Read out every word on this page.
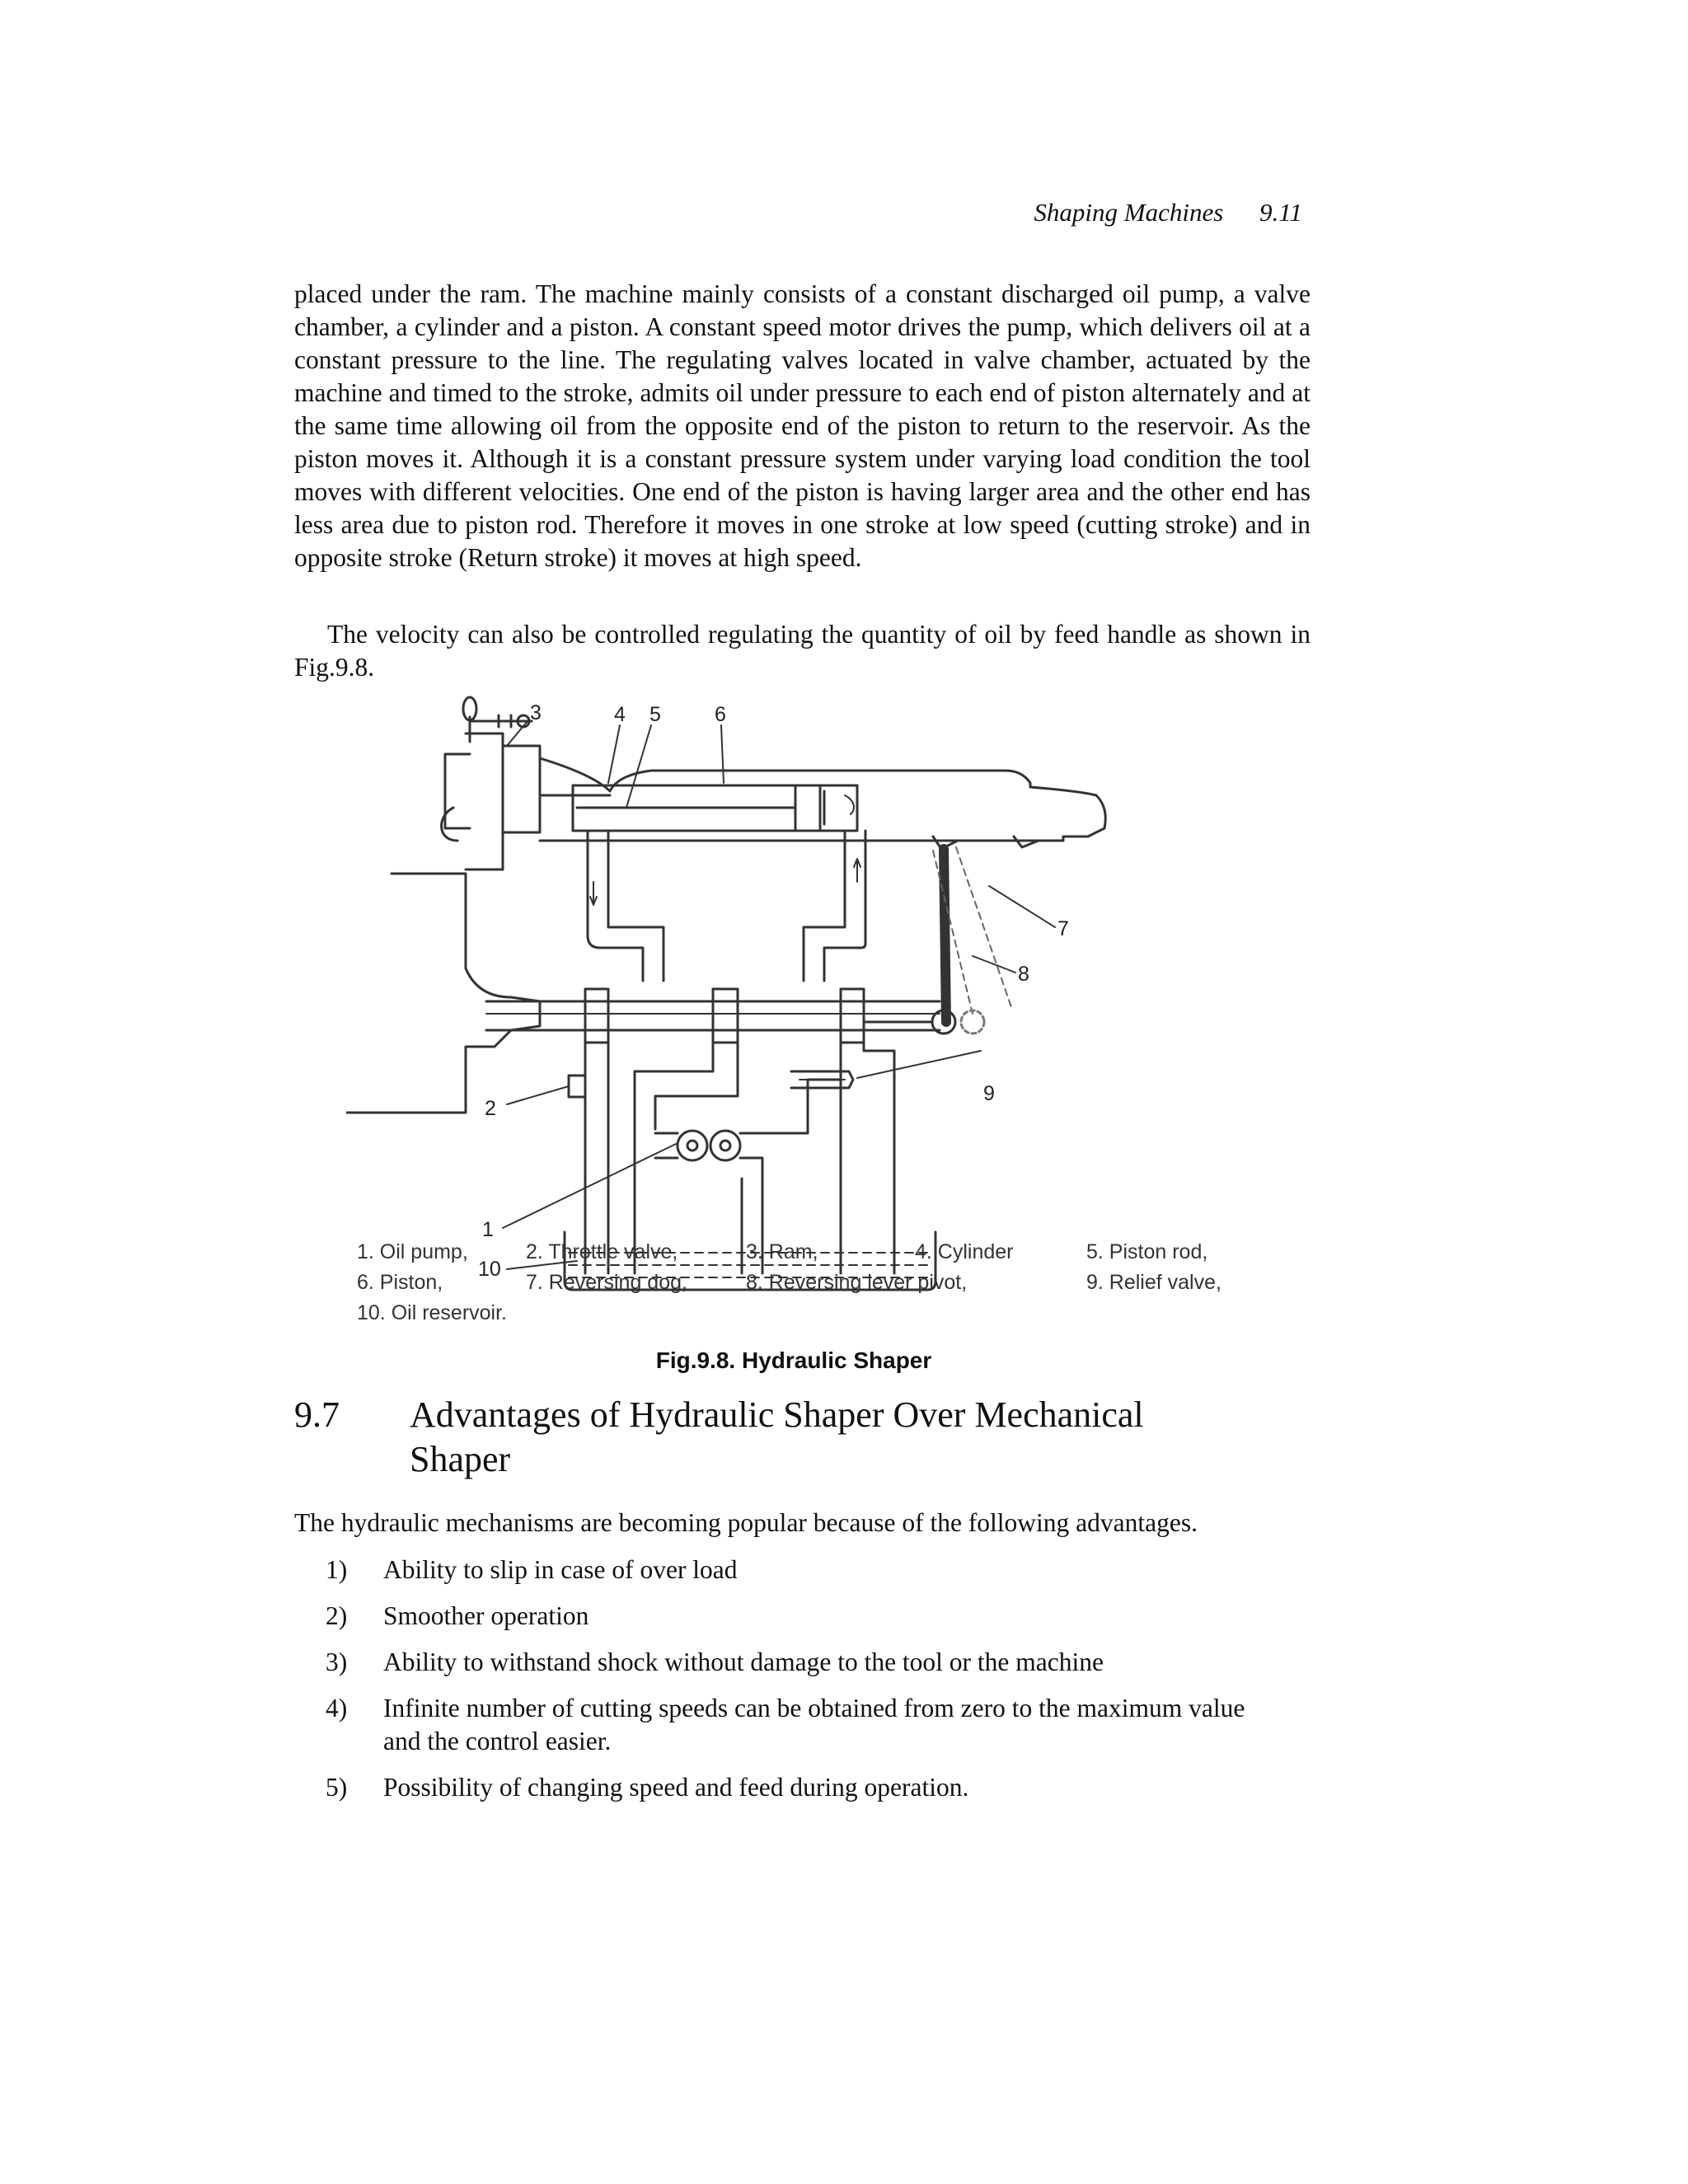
Shaping Machines 9.11

placed under the ram. The machine mainly consists of a constant discharged oil pump, a valve chamber, a cylinder and a piston. A constant speed motor drives the pump, which delivers oil at a constant pressure to the line. The regulating valves located in valve chamber, actuated by the machine and timed to the stroke, admits oil under pressure to each end of piston alternately and at the same time allowing oil from the opposite end of the piston to return to the reservoir. As the piston moves it. Although it is a constant pressure system under varying load condition the tool moves with different velocities. One end of the piston is having larger area and the other end has less area due to piston rod. Therefore it moves in one stroke at low speed (cutting stroke) and in opposite stroke (Return stroke) it moves at high speed.

The velocity can also be controlled regulating the quantity of oil by feed handle as shown in Fig.9.8.

3	4 5	6
7
8
9
2
1
10
1. Oil pump,	2. Throttle valve,	3. Ram,	4. Cylinder	5. Piston rod,
6. Piston,	7. Reversing dog,	8. Reversing lever pivot,	9. Relief valve,
10. Oil reservoir.
Fig.9.8. Hydraulic Shaper
9.7 Advantages of Hydraulic Shaper Over Mechanical Shaper

The hydraulic mechanisms are becoming popular because of the following advantages.

1) Ability to slip in case of over load
2) Smoother operation
3) Ability to withstand shock without damage to the tool or the machine
4) Infinite number of cutting speeds can be obtained from zero to the maximum value and the control easier.
5) Possibility of changing speed and feed during operation.
